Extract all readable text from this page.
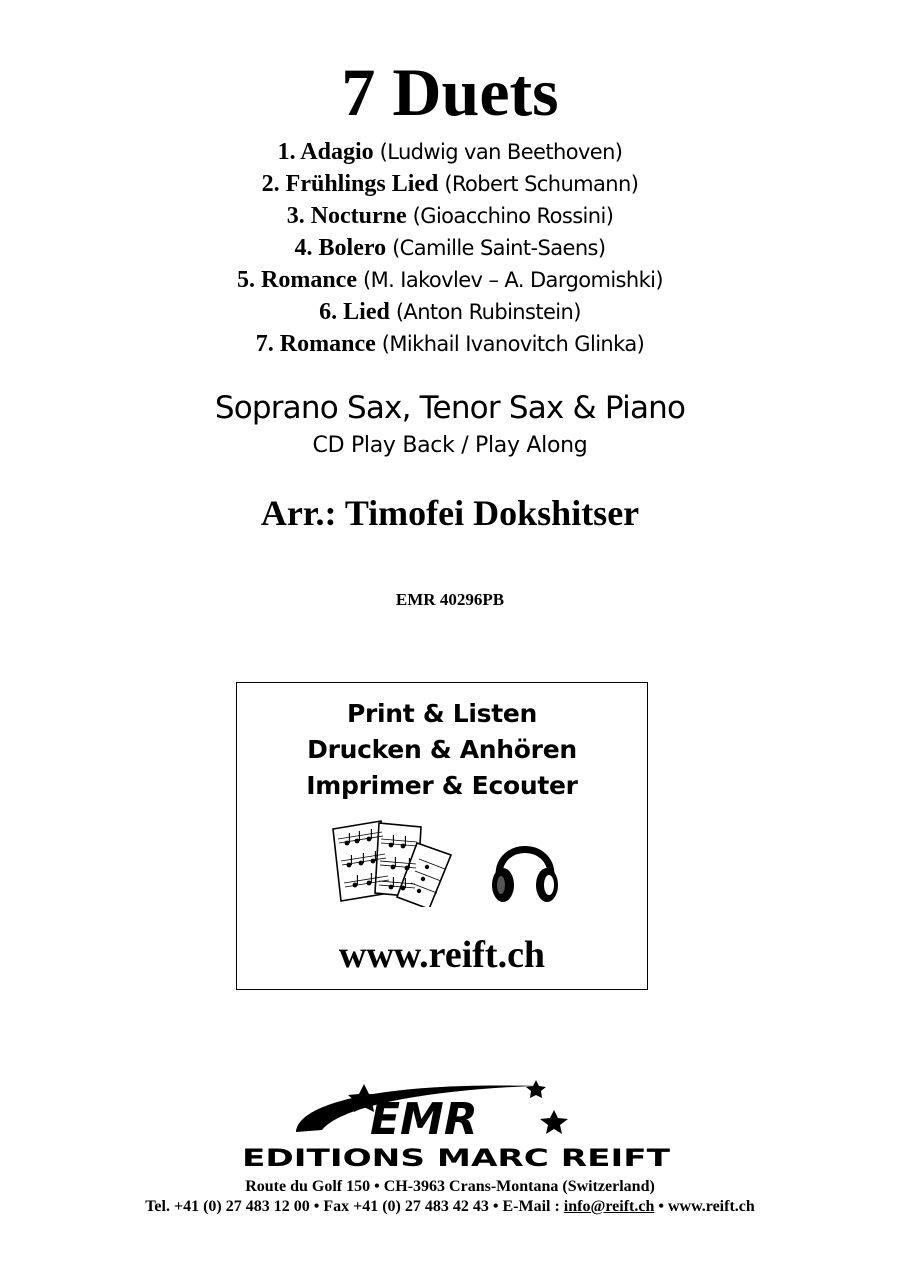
7 Duets
1. Adagio (Ludwig van Beethoven)
2. Frühlings Lied (Robert Schumann)
3. Nocturne (Gioacchino Rossini)
4. Bolero (Camille Saint-Saens)
5. Romance (M. Iakovlev – A. Dargomishki)
6. Lied (Anton Rubinstein)
7. Romance (Mikhail Ivanovitch Glinka)
Soprano Sax, Tenor Sax & Piano
CD Play Back / Play Along
Arr.: Timofei Dokshitser
EMR 40296PB
Print & Listen
Drucken & Anhören
Imprimer & Ecouter
www.reift.ch
EMR
EDITIONS MARC REIFT
Route du Golf 150 • CH-3963 Crans-Montana (Switzerland)
Tel. +41 (0) 27 483 12 00 • Fax +41 (0) 27 483 42 43 • E-Mail : info@reift.ch • www.reift.ch
